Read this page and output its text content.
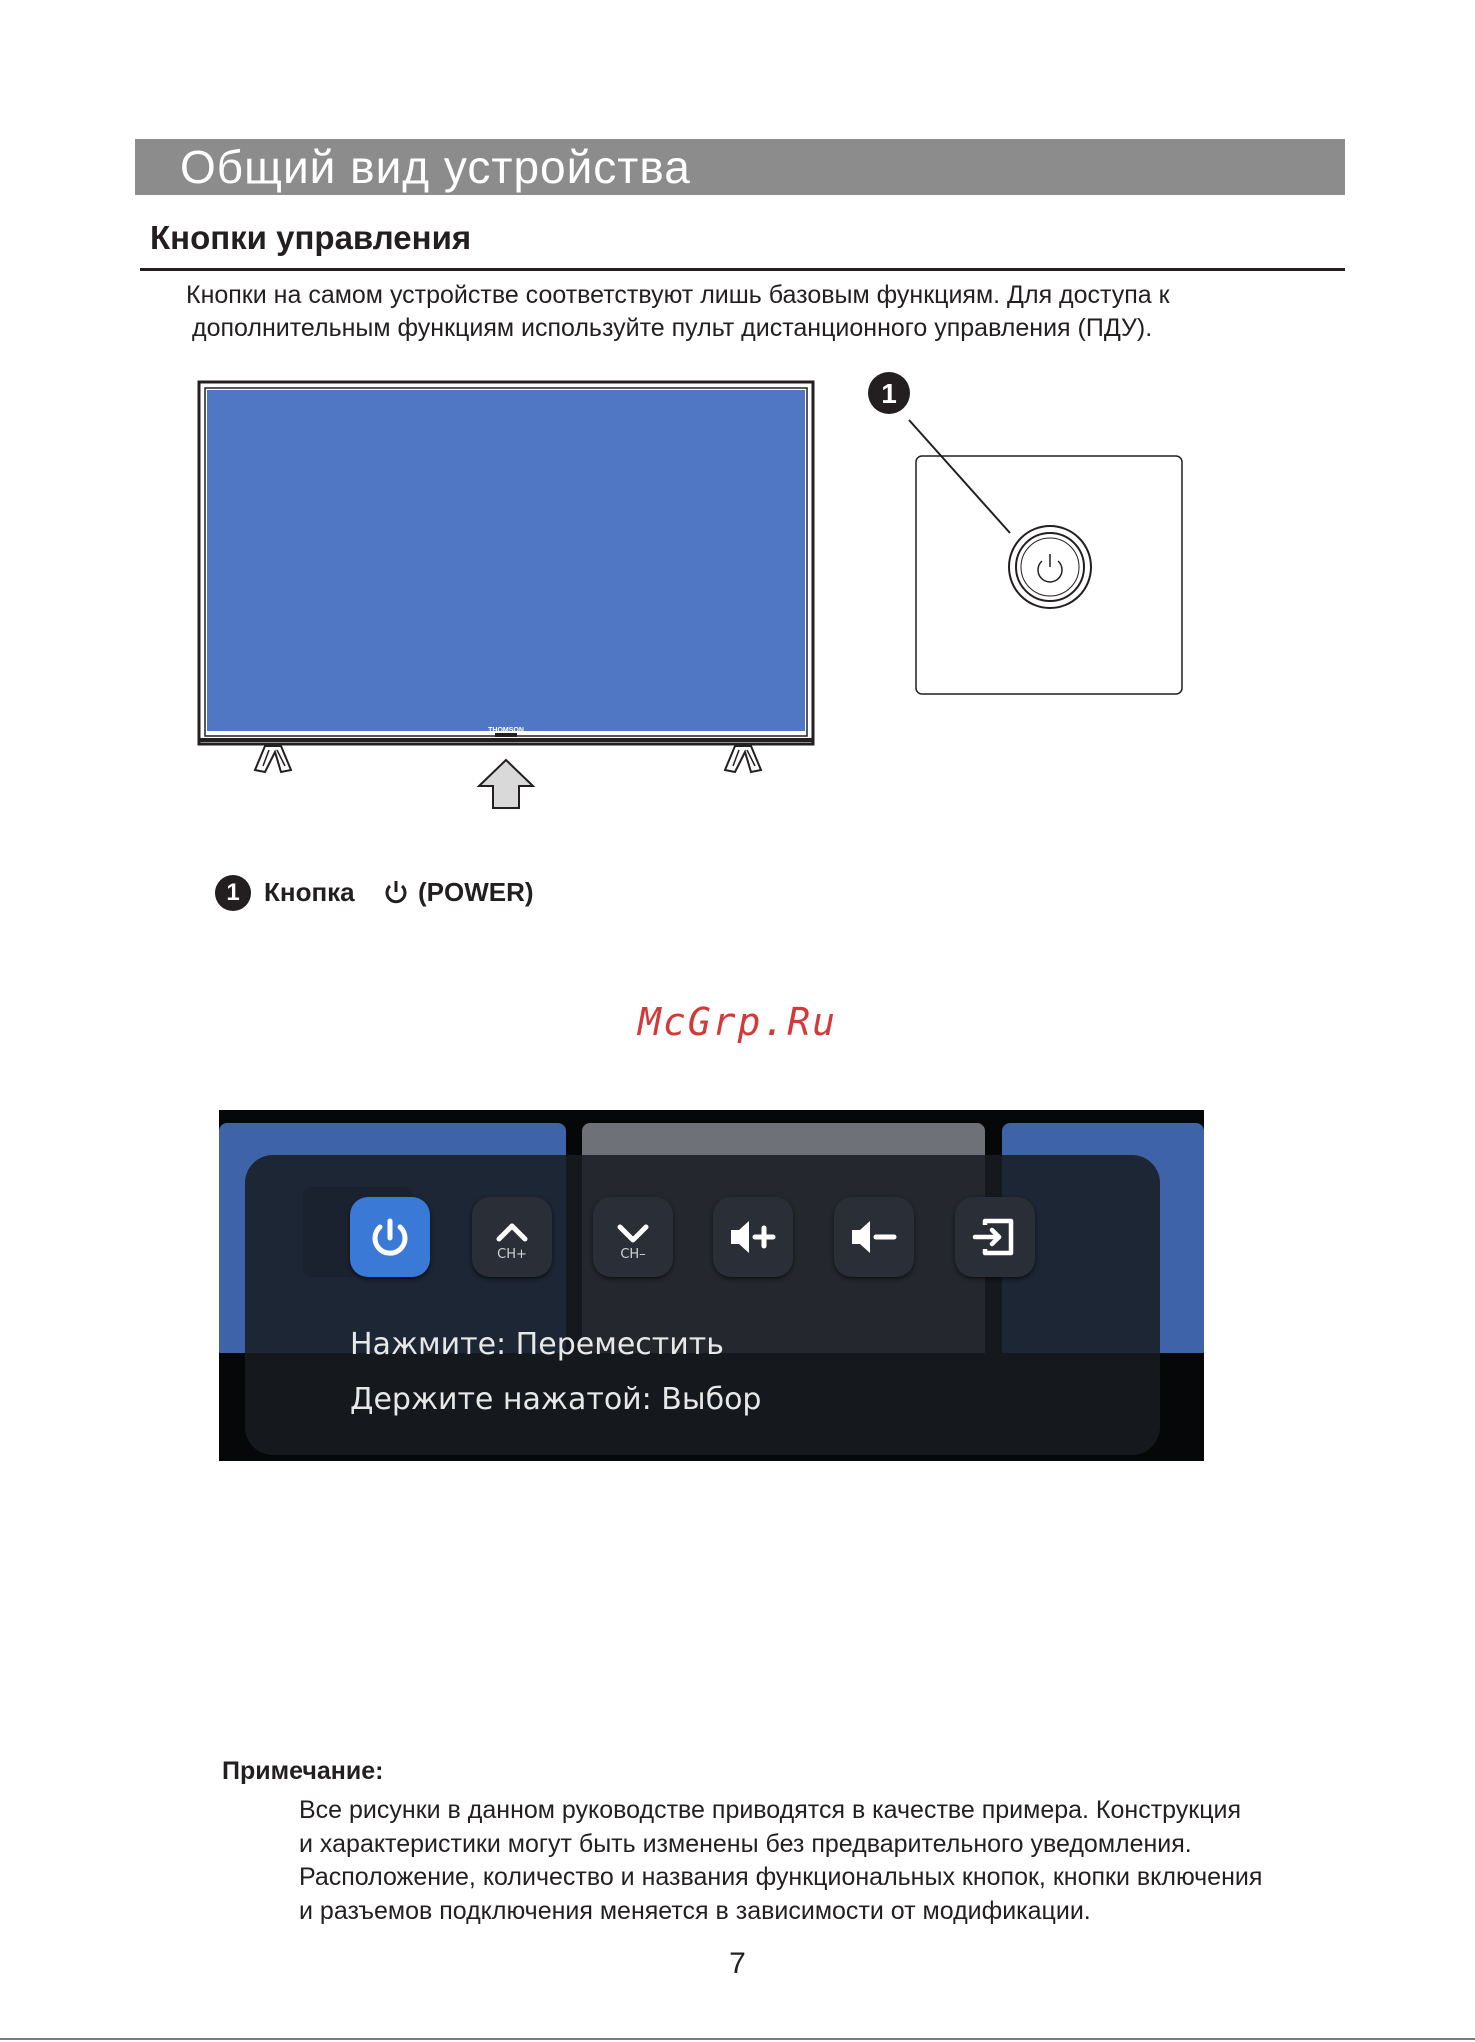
Общий вид устройства
Кнопки управления
Кнопки на самом устройстве соответствуют лишь базовым функциям. Для доступа к
дополнительным функциям используйте пульт дистанционного управления (ПДУ).
THOMSON
1
1 Кнопка (POWER)
McGrp.Ru
CH+	CH–
Нажмите: Переместить
Держите нажатой: Выбор
Примечание:
Все рисунки в данном руководстве приводятся в качестве примера. Конструкция
и характеристики могут быть изменены без предварительного уведомления.
Расположение, количество и названия функциональных кнопок, кнопки включения
и разъемов подключения меняется в зависимости от модификации.
7
